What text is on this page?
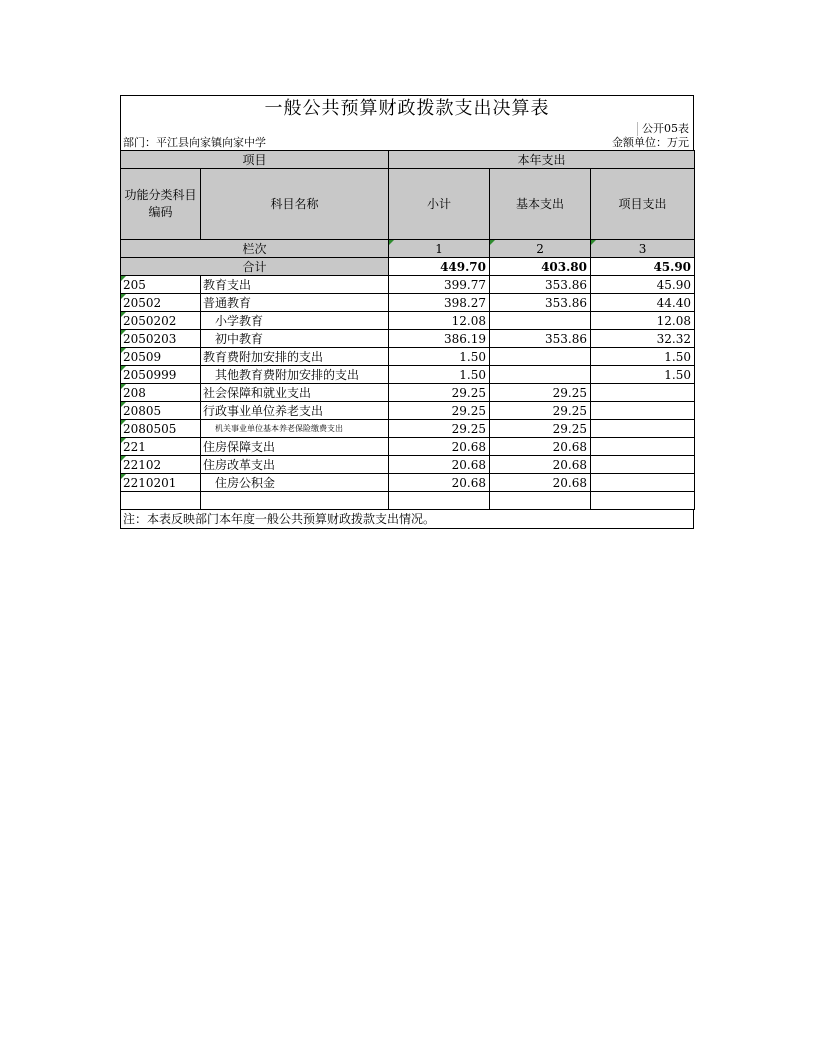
一般公共预算财政拨款支出决算表
公开05表
部门：平江县向家镇向家中学	金额单位：万元
项目		本年支出		
功能分类科目编码	科目名称	小计	基本支出	项目支出
栏次		1	2	3
合计		449.70	403.80	45.90
205	教育支出	399.77	353.86	45.90
20502	普通教育	398.27	353.86	44.40
2050202	小学教育	12.08		12.08
2050203	初中教育	386.19	353.86	32.32
20509	教育费附加安排的支出	1.50		1.50
2050999	其他教育费附加安排的支出	1.50		1.50
208	社会保障和就业支出	29.25	29.25	
20805	行政事业单位养老支出	29.25	29.25	
2080505	机关事业单位基本养老保险缴费支出	29.25	29.25	
221	住房保障支出	20.68	20.68	
22102	住房改革支出	20.68	20.68	
2210201	住房公积金	20.68	20.68	

注：本表反映部门本年度一般公共预算财政拨款支出情况。
